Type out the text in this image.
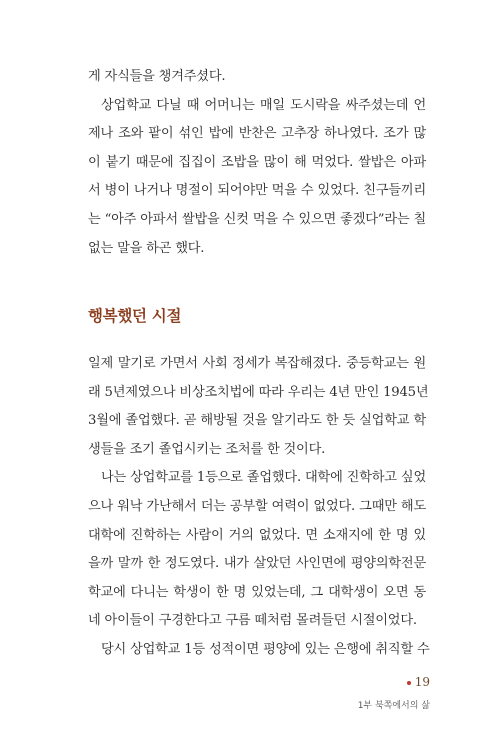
게 자식들을 챙겨주셨다.
상업학교 다닐 때 어머니는 매일 도시락을 싸주셨는데 언
제나 조와 팥이 섞인 밥에 반찬은 고추장 하나였다. 조가 많
이 붙기 때문에 집집이 조밥을 많이 해 먹었다. 쌀밥은 아파
서 병이 나거나 명절이 되어야만 먹을 수 있었다. 친구들끼리
는 “아주 아파서 쌀밥을 신컷 먹을 수 있으면 좋겠다”라는 칠
없는 말을 하곤 했다.
행복했던 시절
일제 말기로 가면서 사회 정세가 복잡해졌다. 중등학교는 원
래 5년제였으나 비상조치법에 따라 우리는 4년 만인 1945년
3월에 졸업했다. 곧 해방될 것을 알기라도 한 듯 실업학교 학
생들을 조기 졸업시키는 조처를 한 것이다.
나는 상업학교를 1등으로 졸업했다. 대학에 진학하고 싶었
으나 워낙 가난해서 더는 공부할 여력이 없었다. 그때만 해도
대학에 진학하는 사람이 거의 없었다. 면 소재지에 한 명 있
을까 말까 한 정도였다. 내가 살았던 사인면에 평양의학전문
학교에 다니는 학생이 한 명 있었는데, 그 대학생이 오면 동
네 아이들이 구경한다고 구름 떼처럼 몰려들던 시절이었다.
당시 상업학교 1등 성적이면 평양에 있는 은행에 취직할 수
19
1부 북쪽에서의 삶
